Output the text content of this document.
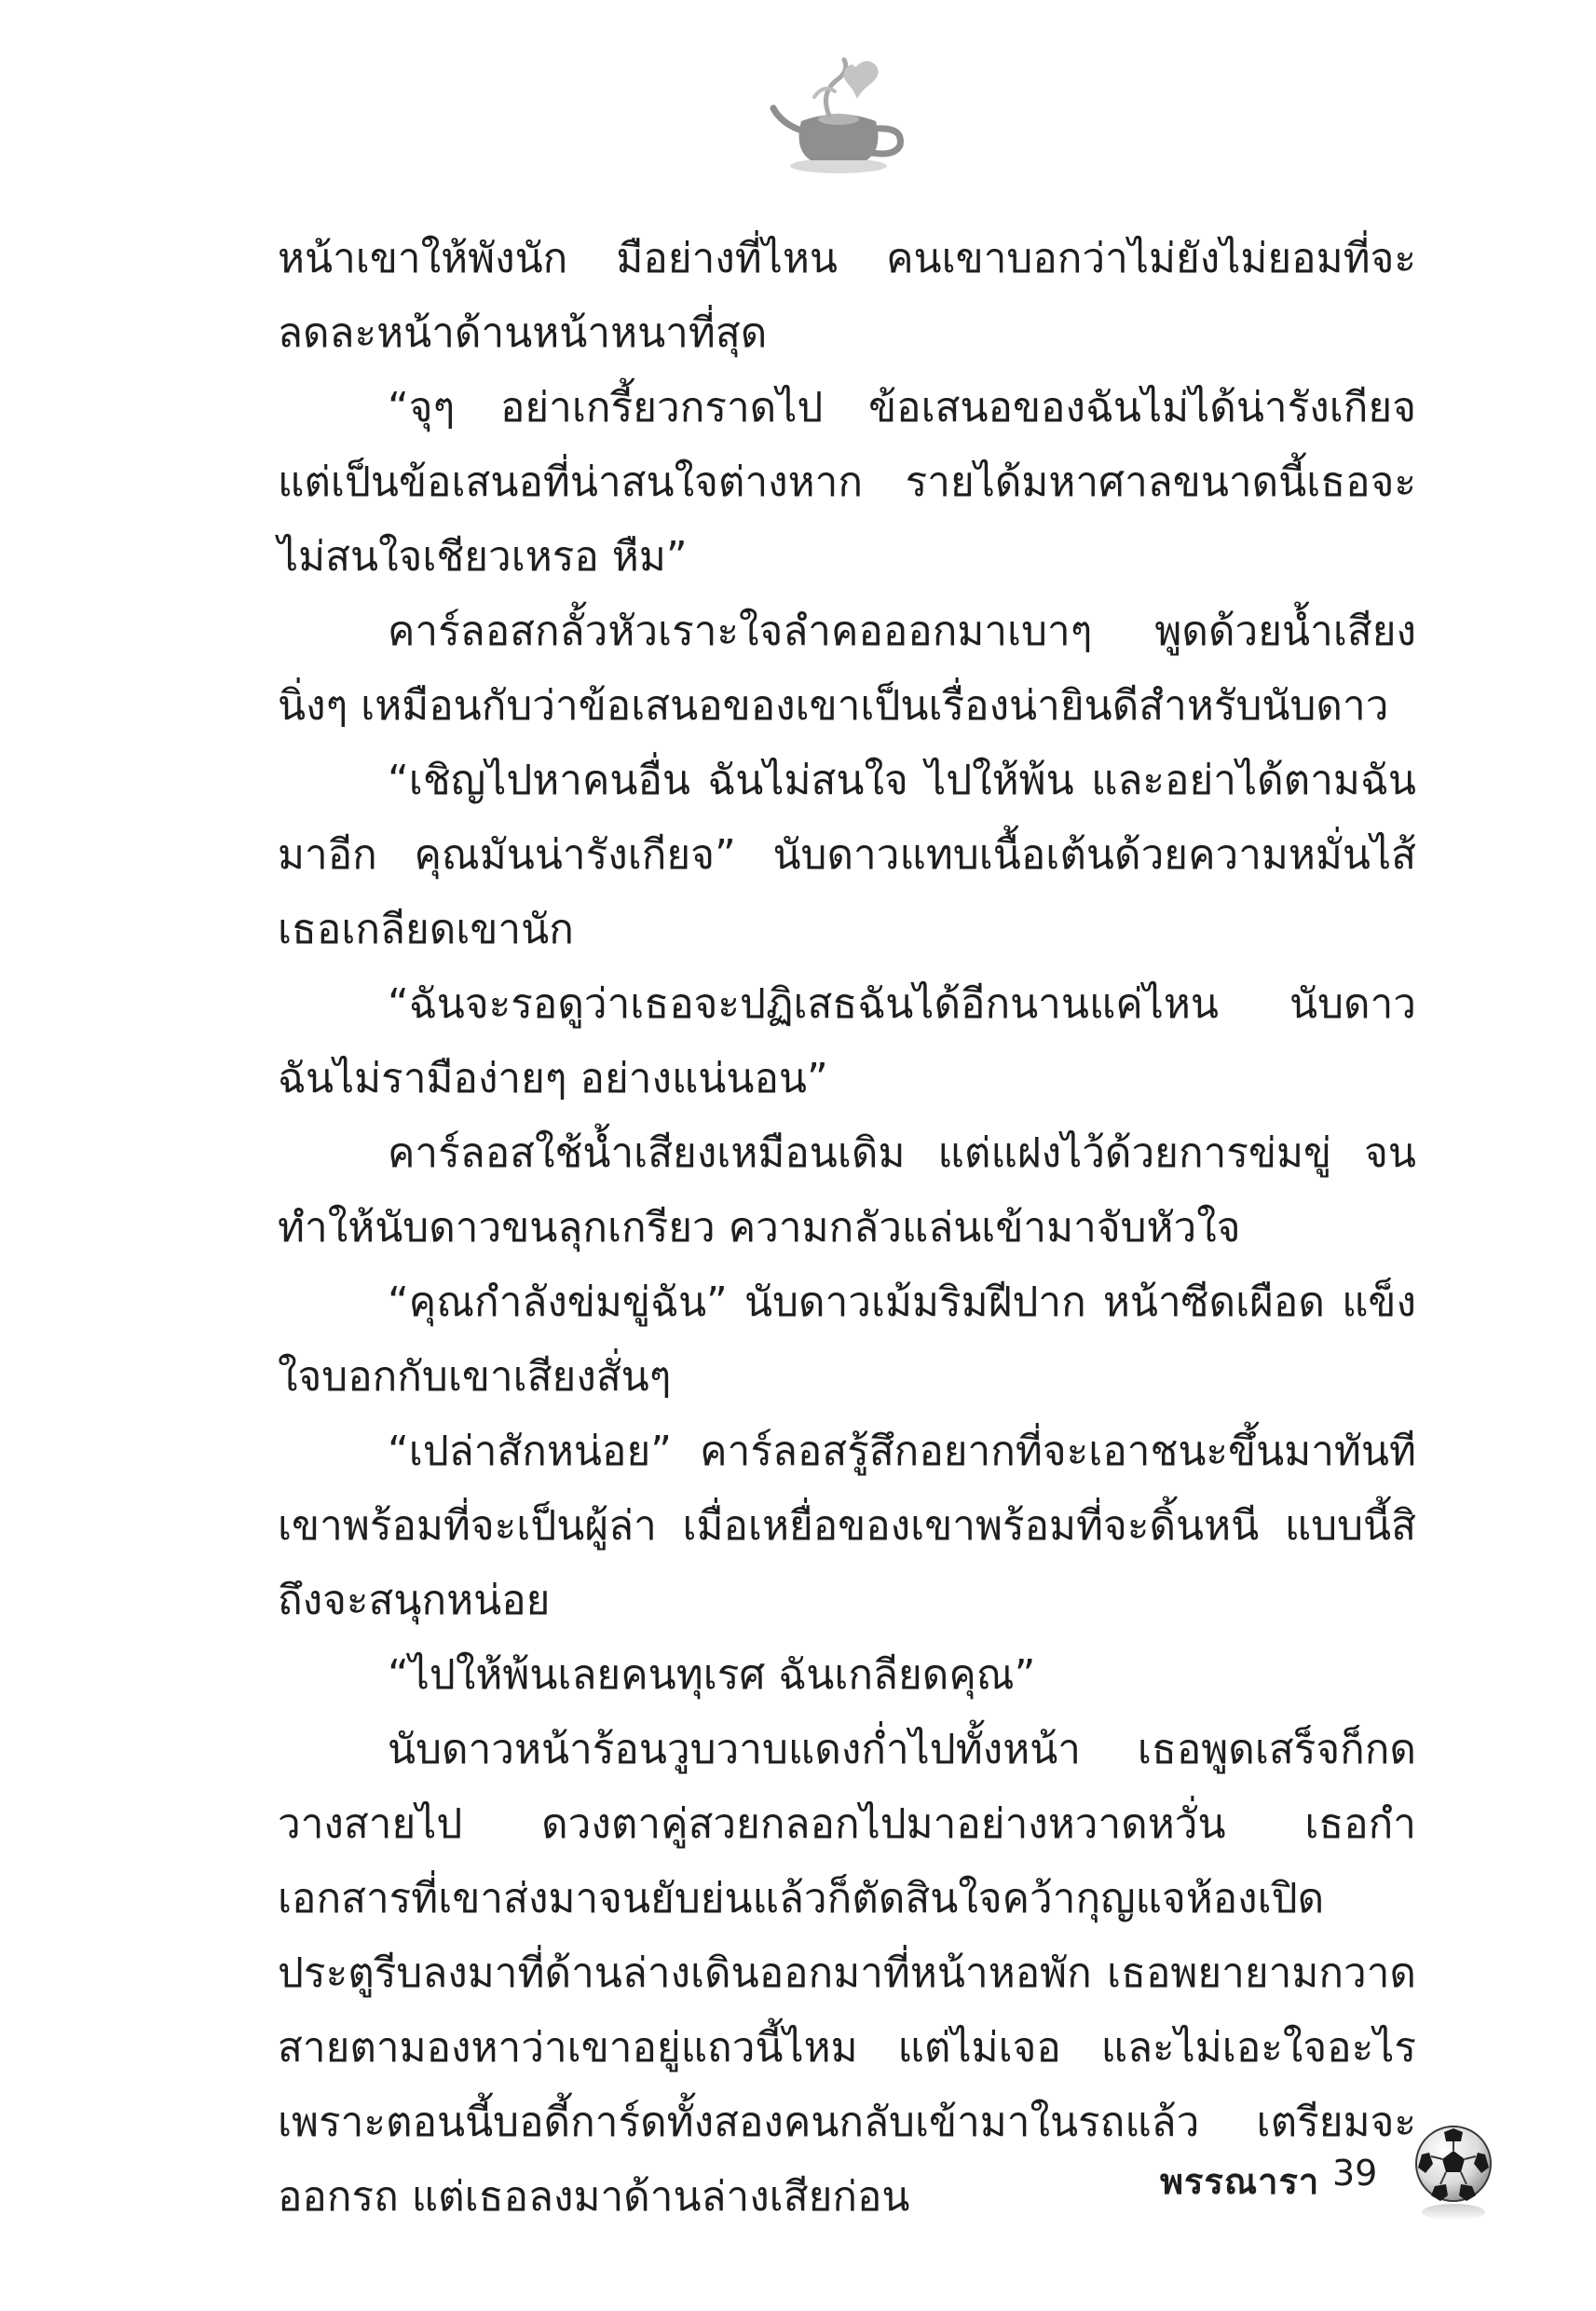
หน้าเขาให้พังนัก มือย่างที่ไหน คนเขาบอกว่าไม่ยังไม่ยอมที่จะลดละหน้าด้านหน้าหนาที่สุด

“จุๆ อย่าเกรี้ยวกราดไป ข้อเสนอของฉันไม่ได้น่ารังเกียจ แต่เป็นข้อเสนอที่น่าสนใจต่างหาก รายได้มหาศาลขนาดนี้เธอจะไม่สนใจเชียวเหรอ หืม”

คาร์ลอสกลั้วหัวเราะใจลำคอออกมาเบาๆ พูดด้วยน้ำเสียงนิ่งๆ เหมือนกับว่าข้อเสนอของเขาเป็นเรื่องน่ายินดีสำหรับนับดาว

“เชิญไปหาคนอื่น ฉันไม่สนใจ ไปให้พ้น และอย่าได้ตามฉันมาอีก คุณมันน่ารังเกียจ” นับดาวแทบเนื้อเต้นด้วยความหมั่นไส้ เธอเกลียดเขานัก

“ฉันจะรอดูว่าเธอจะปฏิเสธฉันได้อีกนานแค่ไหน นับดาว ฉันไม่รามือง่ายๆ อย่างแน่นอน”

คาร์ลอสใช้น้ำเสียงเหมือนเดิม แต่แฝงไว้ด้วยการข่มขู่ จนทำให้นับดาวขนลุกเกรียว ความกลัวแล่นเข้ามาจับหัวใจ

“คุณกำลังข่มขู่ฉัน” นับดาวเม้มริมฝีปาก หน้าซีดเผือด แข็งใจบอกกับเขาเสียงสั่นๆ

“เปล่าสักหน่อย” คาร์ลอสรู้สึกอยากที่จะเอาชนะขึ้นมาทันที เขาพร้อมที่จะเป็นผู้ล่า เมื่อเหยื่อของเขาพร้อมที่จะดิ้นหนี แบบนี้สิถึงจะสนุกหน่อย

“ไปให้พ้นเลยคนทุเรศ ฉันเกลียดคุณ”

นับดาวหน้าร้อนวูบวาบแดงก่ำไปทั้งหน้า เธอพูดเสร็จก็กดวางสายไป ดวงตาคู่สวยกลอกไปมาอย่างหวาดหวั่น เธอกำเอกสารที่เขาส่งมาจนยับย่นแล้วก็ตัดสินใจคว้ากุญแจห้องเปิดประตูรีบลงมาที่ด้านล่างเดินออกมาที่หน้าหอพัก เธอพยายามกวาดสายตามองหาว่าเขาอยู่แถวนี้ไหม แต่ไม่เจอ และไม่เอะใจอะไร เพราะตอนนี้บอดี้การ์ดทั้งสองคนกลับเข้ามาในรถแล้ว เตรียมจะออกรถ แต่เธอลงมาด้านล่างเสียก่อน	พรรณารา 39
